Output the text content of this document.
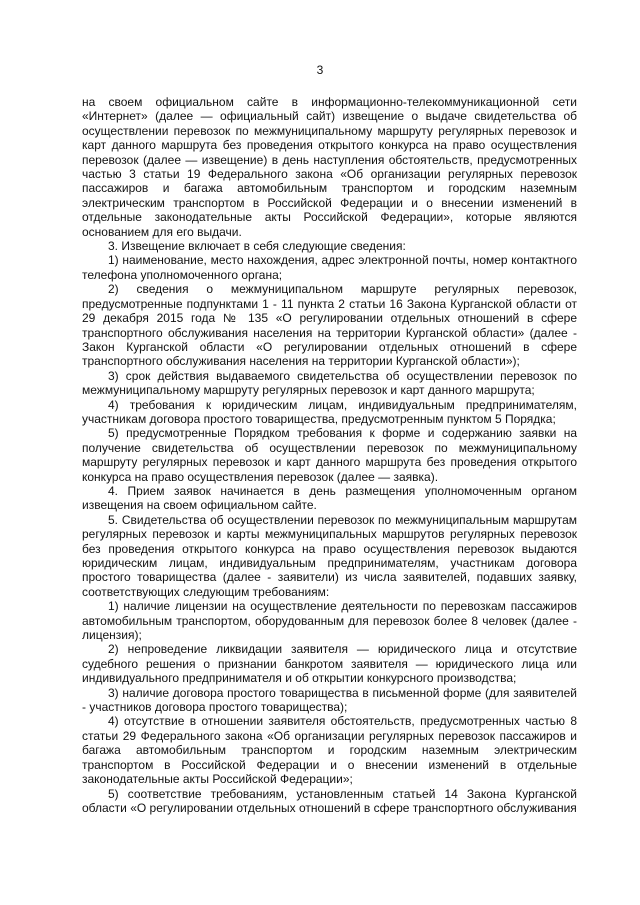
3

на своем официальном сайте в информационно-телекоммуникационной сети «Интернет» (далее — официальный сайт) извещение о выдаче свидетельства об осуществлении перевозок по межмуниципальному маршруту регулярных перевозок и карт данного маршрута без проведения открытого конкурса на право осуществления перевозок (далее — извещение) в день наступления обстоятельств, предусмотренных частью 3 статьи 19 Федерального закона «Об организации регулярных перевозок пассажиров и багажа автомобильным транспортом и городским наземным электрическим транспортом в Российской Федерации и о внесении изменений в отдельные законодательные акты Российской Федерации», которые являются основанием для его выдачи.

3. Извещение включает в себя следующие сведения:

1) наименование, место нахождения, адрес электронной почты, номер контактного телефона уполномоченного органа;

2) сведения о межмуниципальном маршруте регулярных перевозок, предусмотренные подпунктами 1 - 11 пункта 2 статьи 16 Закона Курганской области от 29 декабря 2015 года № 135 «О регулировании отдельных отношений в сфере транспортного обслуживания населения на территории Курганской области» (далее - Закон Курганской области «О регулировании отдельных отношений в сфере транспортного обслуживания населения на территории Курганской области»);

3) срок действия выдаваемого свидетельства об осуществлении перевозок по межмуниципальному маршруту регулярных перевозок и карт данного маршрута;

4) требования к юридическим лицам, индивидуальным предпринимателям, участникам договора простого товарищества, предусмотренным пунктом 5 Порядка;

5) предусмотренные Порядком требования к форме и содержанию заявки на получение свидетельства об осуществлении перевозок по межмуниципальному маршруту регулярных перевозок и карт данного маршрута без проведения открытого конкурса на право осуществления перевозок (далее — заявка).

4. Прием заявок начинается в день размещения уполномоченным органом извещения на своем официальном сайте.

5. Свидетельства об осуществлении перевозок по межмуниципальным маршрутам регулярных перевозок и карты межмуниципальных маршрутов регулярных перевозок без проведения открытого конкурса на право осуществления перевозок выдаются юридическим лицам, индивидуальным предпринимателям, участникам договора простого товарищества (далее - заявители) из числа заявителей, подавших заявку, соответствующих следующим требованиям:

1) наличие лицензии на осуществление деятельности по перевозкам пассажиров автомобильным транспортом, оборудованным для перевозок более 8 человек (далее - лицензия);

2) непроведение ликвидации заявителя — юридического лица и отсутствие судебного решения о признании банкротом заявителя — юридического лица или индивидуального предпринимателя и об открытии конкурсного производства;

3) наличие договора простого товарищества в письменной форме (для заявителей - участников договора простого товарищества);

4) отсутствие в отношении заявителя обстоятельств, предусмотренных частью 8 статьи 29 Федерального закона «Об организации регулярных перевозок пассажиров и багажа автомобильным транспортом и городским наземным электрическим транспортом в Российской Федерации и о внесении изменений в отдельные законодательные акты Российской Федерации»;

5) соответствие требованиям, установленным статьей 14 Закона Курганской области «О регулировании отдельных отношений в сфере транспортного обслуживания
